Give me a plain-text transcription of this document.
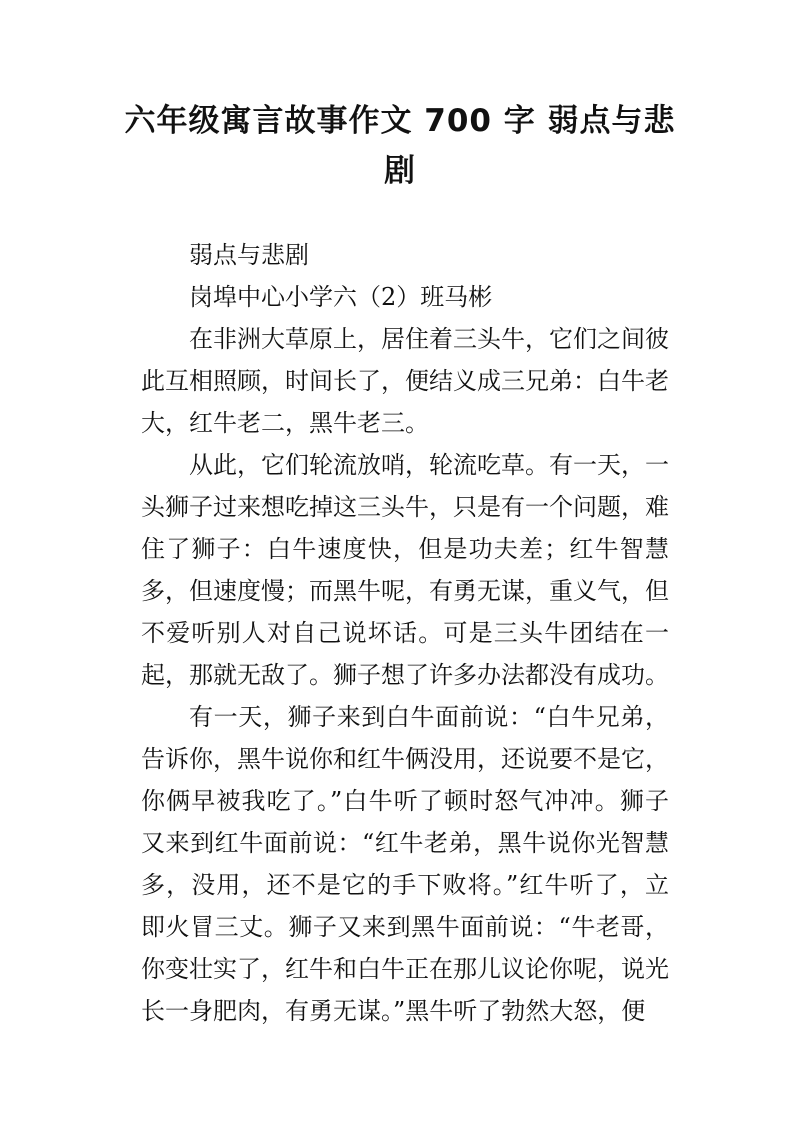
六年级寓言故事作文 700 字 弱点与悲剧

弱点与悲剧

岗埠中心小学六（2）班马彬

在非洲大草原上，居住着三头牛，它们之间彼此互相照顾，时间长了，便结义成三兄弟：白牛老大，红牛老二，黑牛老三。

从此，它们轮流放哨，轮流吃草。有一天，一头狮子过来想吃掉这三头牛，只是有一个问题，难住了狮子：白牛速度快，但是功夫差；红牛智慧多，但速度慢；而黑牛呢，有勇无谋，重义气，但不爱听别人对自己说坏话。可是三头牛团结在一起，那就无敌了。狮子想了许多办法都没有成功。

有一天，狮子来到白牛面前说：“白牛兄弟，告诉你，黑牛说你和红牛俩没用，还说要不是它，你俩早被我吃了。”白牛听了顿时怒气冲冲。狮子又来到红牛面前说：“红牛老弟，黑牛说你光智慧多，没用，还不是它的手下败将。”红牛听了，立即火冒三丈。狮子又来到黑牛面前说：“牛老哥，你变壮实了，红牛和白牛正在那儿议论你呢，说光长一身肥肉，有勇无谋。”黑牛听了勃然大怒，便
